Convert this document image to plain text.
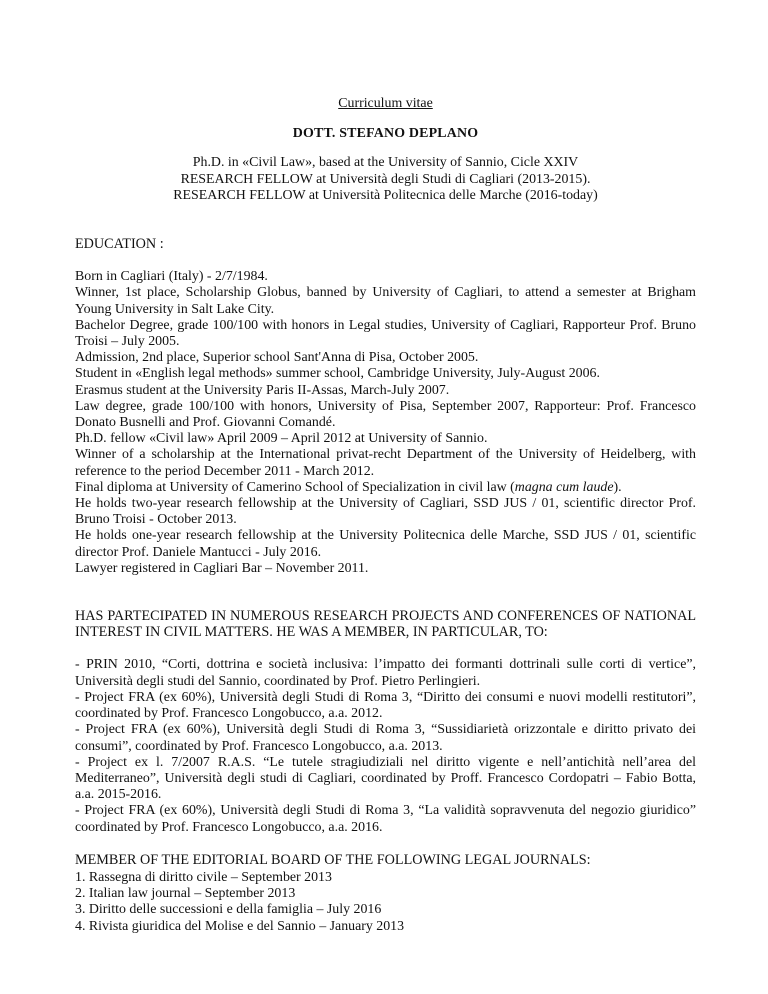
Curriculum vitae
DOTT. STEFANO DEPLANO
Ph.D. in «Civil Law», based at the University of Sannio, Cicle XXIV
RESEARCH FELLOW at Università degli Studi di Cagliari (2013-2015).
RESEARCH FELLOW at Università Politecnica delle Marche (2016-today)
EDUCATION :
Born in Cagliari (Italy) - 2/7/1984.
Winner, 1st place, Scholarship Globus, banned by University of Cagliari, to attend a semester at Brigham Young University in Salt Lake City.
Bachelor Degree, grade 100/100 with honors in Legal studies, University of Cagliari, Rapporteur Prof. Bruno Troisi – July 2005.
Admission, 2nd place, Superior school Sant'Anna di Pisa, October 2005.
Student in «English legal methods» summer school, Cambridge University, July-August 2006.
Erasmus student at the University Paris II-Assas, March-July 2007.
Law degree, grade 100/100 with honors, University of Pisa, September 2007, Rapporteur: Prof. Francesco Donato Busnelli and Prof. Giovanni Comandé.
Ph.D. fellow «Civil law» April 2009 – April 2012 at University of Sannio.
Winner of a scholarship at the International privat-recht Department of the University of Heidelberg, with reference to the period December 2011 - March 2012.
Final diploma at University of Camerino School of Specialization in civil law (magna cum laude).
He holds two-year research fellowship at the University of Cagliari, SSD JUS / 01, scientific director Prof. Bruno Troisi - October 2013.
He holds one-year research fellowship at the University Politecnica delle Marche, SSD JUS / 01, scientific director Prof. Daniele Mantucci - July 2016.
Lawyer registered in Cagliari Bar – November 2011.
HAS PARTECIPATED IN NUMEROUS RESEARCH PROJECTS AND CONFERENCES OF NATIONAL INTEREST IN CIVIL MATTERS. HE WAS A MEMBER, IN PARTICULAR, TO:
- PRIN 2010, “Corti, dottrina e società inclusiva: l’impatto dei formanti dottrinali sulle corti di vertice”, Università degli studi del Sannio, coordinated by Prof. Pietro Perlingieri.
- Project FRA (ex 60%), Università degli Studi di Roma 3, “Diritto dei consumi e nuovi modelli restitutori”, coordinated by Prof. Francesco Longobucco, a.a. 2012.
- Project FRA (ex 60%), Università degli Studi di Roma 3, “Sussidiarietà orizzontale e diritto privato dei consumi”, coordinated by Prof. Francesco Longobucco, a.a. 2013.
- Project ex l. 7/2007 R.A.S. “Le tutele stragiudiziali nel diritto vigente e nell’antichità nell’area del Mediterraneo”, Università degli studi di Cagliari, coordinated by Proff. Francesco Cordopatri – Fabio Botta, a.a. 2015-2016.
- Project FRA (ex 60%), Università degli Studi di Roma 3, “La validità sopravvenuta del negozio giuridico” coordinated by Prof. Francesco Longobucco, a.a. 2016.
MEMBER OF THE EDITORIAL BOARD OF THE FOLLOWING LEGAL JOURNALS:
1. Rassegna di diritto civile – September 2013
2. Italian law journal – September 2013
3. Diritto delle successioni e della famiglia – July 2016
4. Rivista giuridica del Molise e del Sannio – January 2013
